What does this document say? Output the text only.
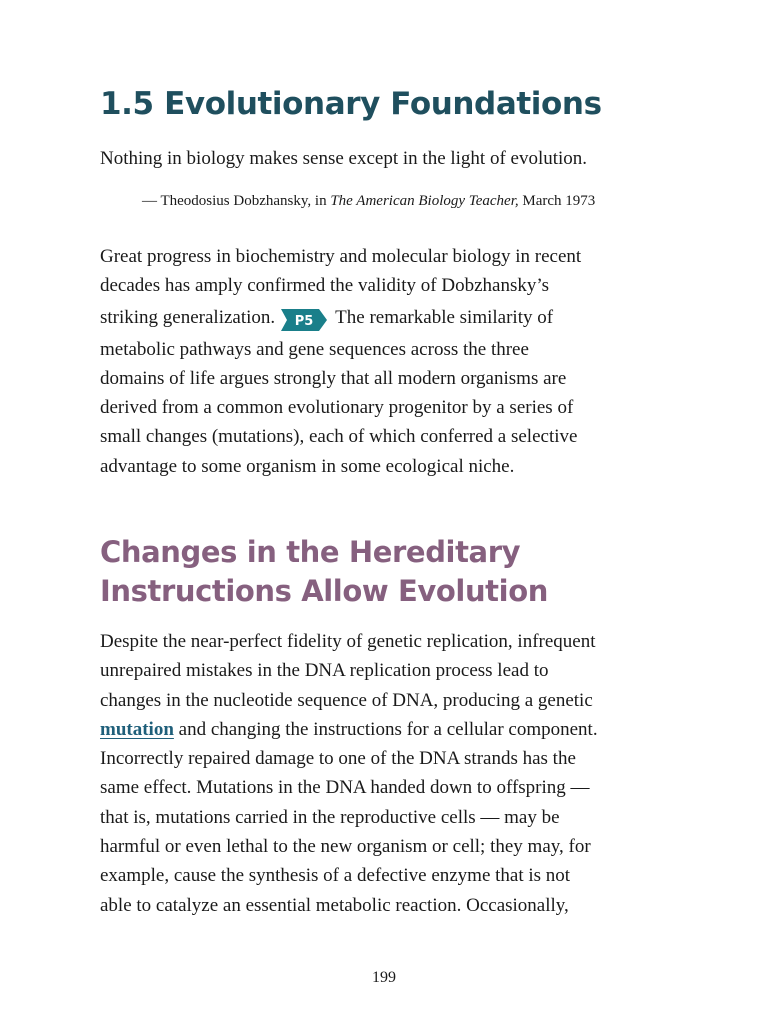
1.5 Evolutionary Foundations

Nothing in biology makes sense except in the light of evolution.

— Theodosius Dobzhansky, in The American Biology Teacher, March 1973

Great progress in biochemistry and molecular biology in recent
decades has amply confirmed the validity of Dobzhansky’s
striking generalization. P5 The remarkable similarity of
metabolic pathways and gene sequences across the three
domains of life argues strongly that all modern organisms are
derived from a common evolutionary progenitor by a series of
small changes (mutations), each of which conferred a selective
advantage to some organism in some ecological niche.
Changes in the Hereditary
Instructions Allow Evolution
Despite the near-perfect fidelity of genetic replication, infrequent
unrepaired mistakes in the DNA replication process lead to
changes in the nucleotide sequence of DNA, producing a genetic
mutation and changing the instructions for a cellular component.
Incorrectly repaired damage to one of the DNA strands has the
same effect. Mutations in the DNA handed down to offspring —
that is, mutations carried in the reproductive cells — may be
harmful or even lethal to the new organism or cell; they may, for
example, cause the synthesis of a defective enzyme that is not
able to catalyze an essential metabolic reaction. Occasionally,
199
